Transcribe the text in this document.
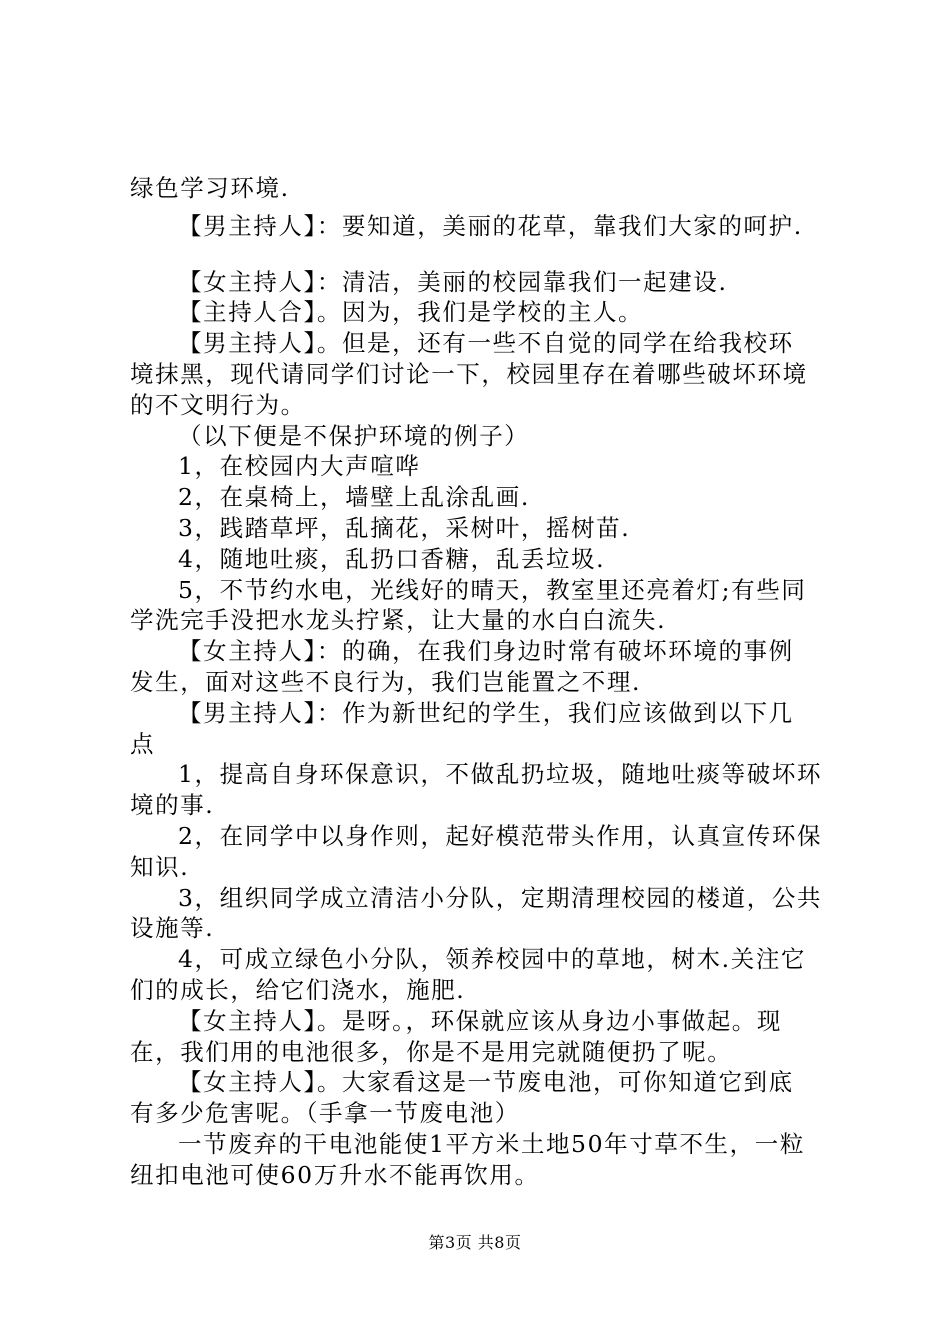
绿色学习环境.
【男主持人】：要知道，美丽的花草，靠我们大家的呵护.
【女主持人】：清洁，美丽的校园靠我们一起建设.
【主持人合】。因为，我们是学校的主人。
【男主持人】。但是，还有一些不自觉的同学在给我校环
境抹黑，现代请同学们讨论一下，校园里存在着哪些破坏环境
的不文明行为。
（以下便是不保护环境的例子）
1，在校园内大声喧哗
2，在桌椅上，墙壁上乱涂乱画.
3，践踏草坪，乱摘花，采树叶，摇树苗.
4，随地吐痰，乱扔口香糖，乱丢垃圾.
5，不节约水电，光线好的晴天，教室里还亮着灯;有些同
学洗完手没把水龙头拧紧，让大量的水白白流失.
【女主持人】：的确，在我们身边时常有破坏环境的事例
发生，面对这些不良行为，我们岂能置之不理.
【男主持人】：作为新世纪的学生，我们应该做到以下几
点
1，提高自身环保意识，不做乱扔垃圾，随地吐痰等破坏环
境的事.
2，在同学中以身作则，起好模范带头作用，认真宣传环保
知识.
3，组织同学成立清洁小分队，定期清理校园的楼道，公共
设施等.
4，可成立绿色小分队，领养校园中的草地，树木.关注它
们的成长，给它们浇水，施肥.
【女主持人】。是呀。，环保就应该从身边小事做起。现
在，我们用的电池很多，你是不是用完就随便扔了呢。
【女主持人】。大家看这是一节废电池，可你知道它到底
有多少危害呢。（手拿一节废电池）
一节废弃的干电池能使1平方米土地50年寸草不生，一粒
纽扣电池可使60万升水不能再饮用。
第3页 共8页
